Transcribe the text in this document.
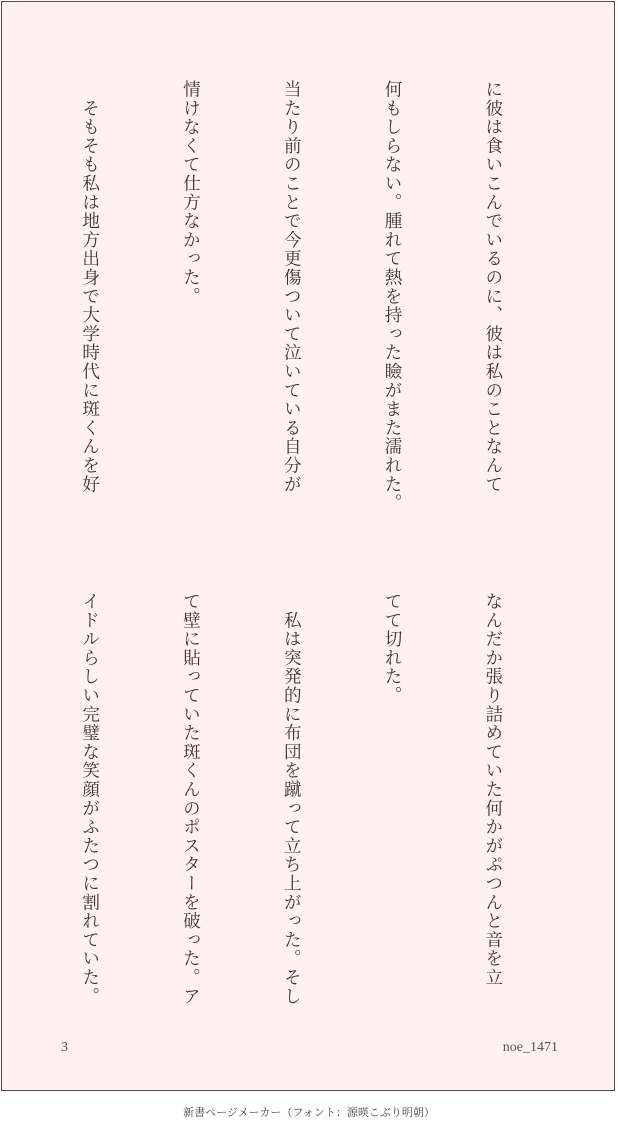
に彼は食いこんでいるのに、彼は私のことなんて

何もしらない。腫れて熱を持った瞼がまた濡れた。

当たり前のことで今更傷ついて泣いている自分が

情けなくて仕方なかった。

　そもそも私は地方出身で大学時代に斑くんを好

なんだか張り詰めていた何かがぷつんと音を立

てて切れた。

　私は突発的に布団を蹴って立ち上がった。そし

て壁に貼っていた斑くんのポスターを破った。ア

イドルらしい完璧な笑顔がふたつに割れていた。

3	noe_1471
新書ページメーカー（フォント：源暎こぶり明朝）
